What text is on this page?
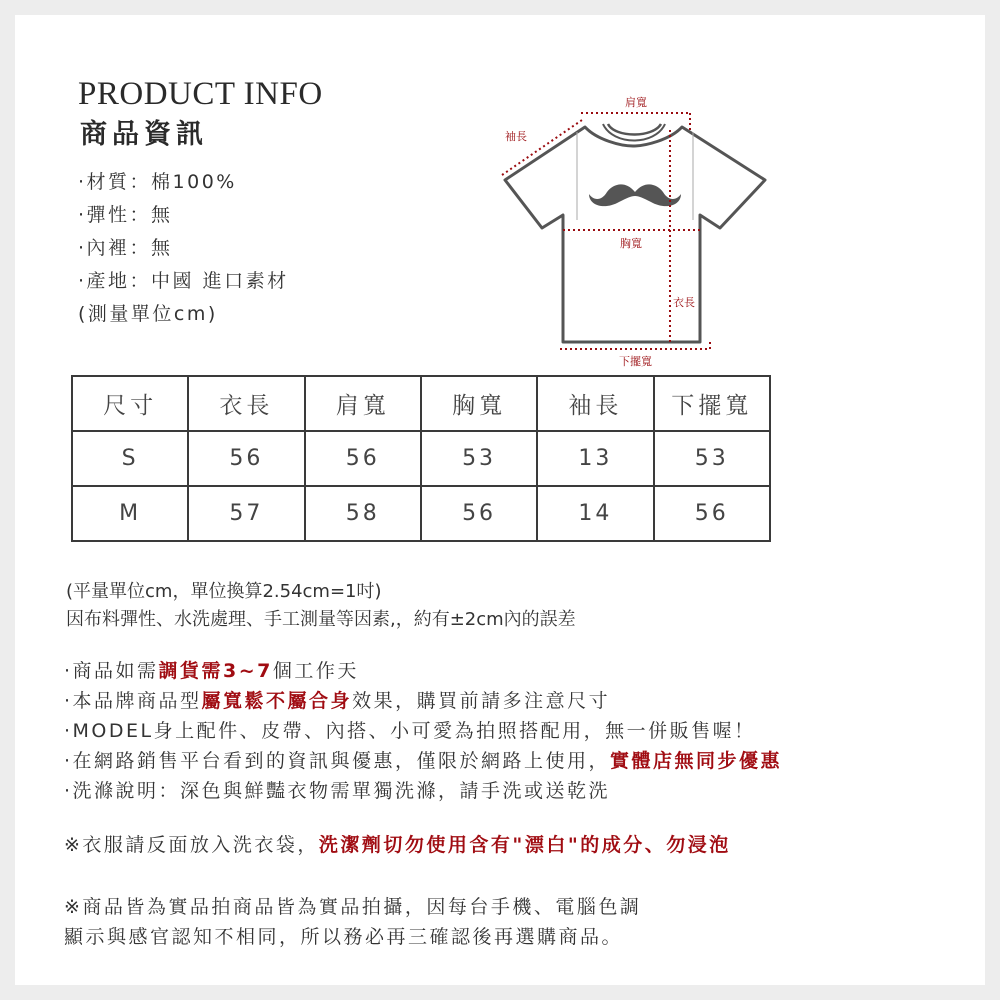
PRODUCT INFO
商品資訊
·材質：棉100%
·彈性：無
·內裡：無
·產地：中國 進口素材
(測量單位cm)
肩寬
袖長
胸寬
衣長
下擺寬
尺寸	衣長	肩寬	胸寬	袖長	下擺寬
S	56	56	53	13	53
M	57	58	56	14	56
(平量單位cm，單位換算2.54cm=1吋)
因布料彈性、水洗處理、手工測量等因素,，約有±2cm內的誤差
·商品如需調貨需3~7個工作天
·本品牌商品型屬寬鬆不屬合身效果，購買前請多注意尺寸
·MODEL身上配件、皮帶、內搭、小可愛為拍照搭配用，無一併販售喔！
·在網路銷售平台看到的資訊與優惠，僅限於網路上使用，實體店無同步優惠
·洗滌說明：深色與鮮豔衣物需單獨洗滌，請手洗或送乾洗
※衣服請反面放入洗衣袋，洗潔劑切勿使用含有"漂白"的成分、勿浸泡
※商品皆為實品拍商品皆為實品拍攝，因每台手機、電腦色調
顯示與感官認知不相同，所以務必再三確認後再選購商品。
